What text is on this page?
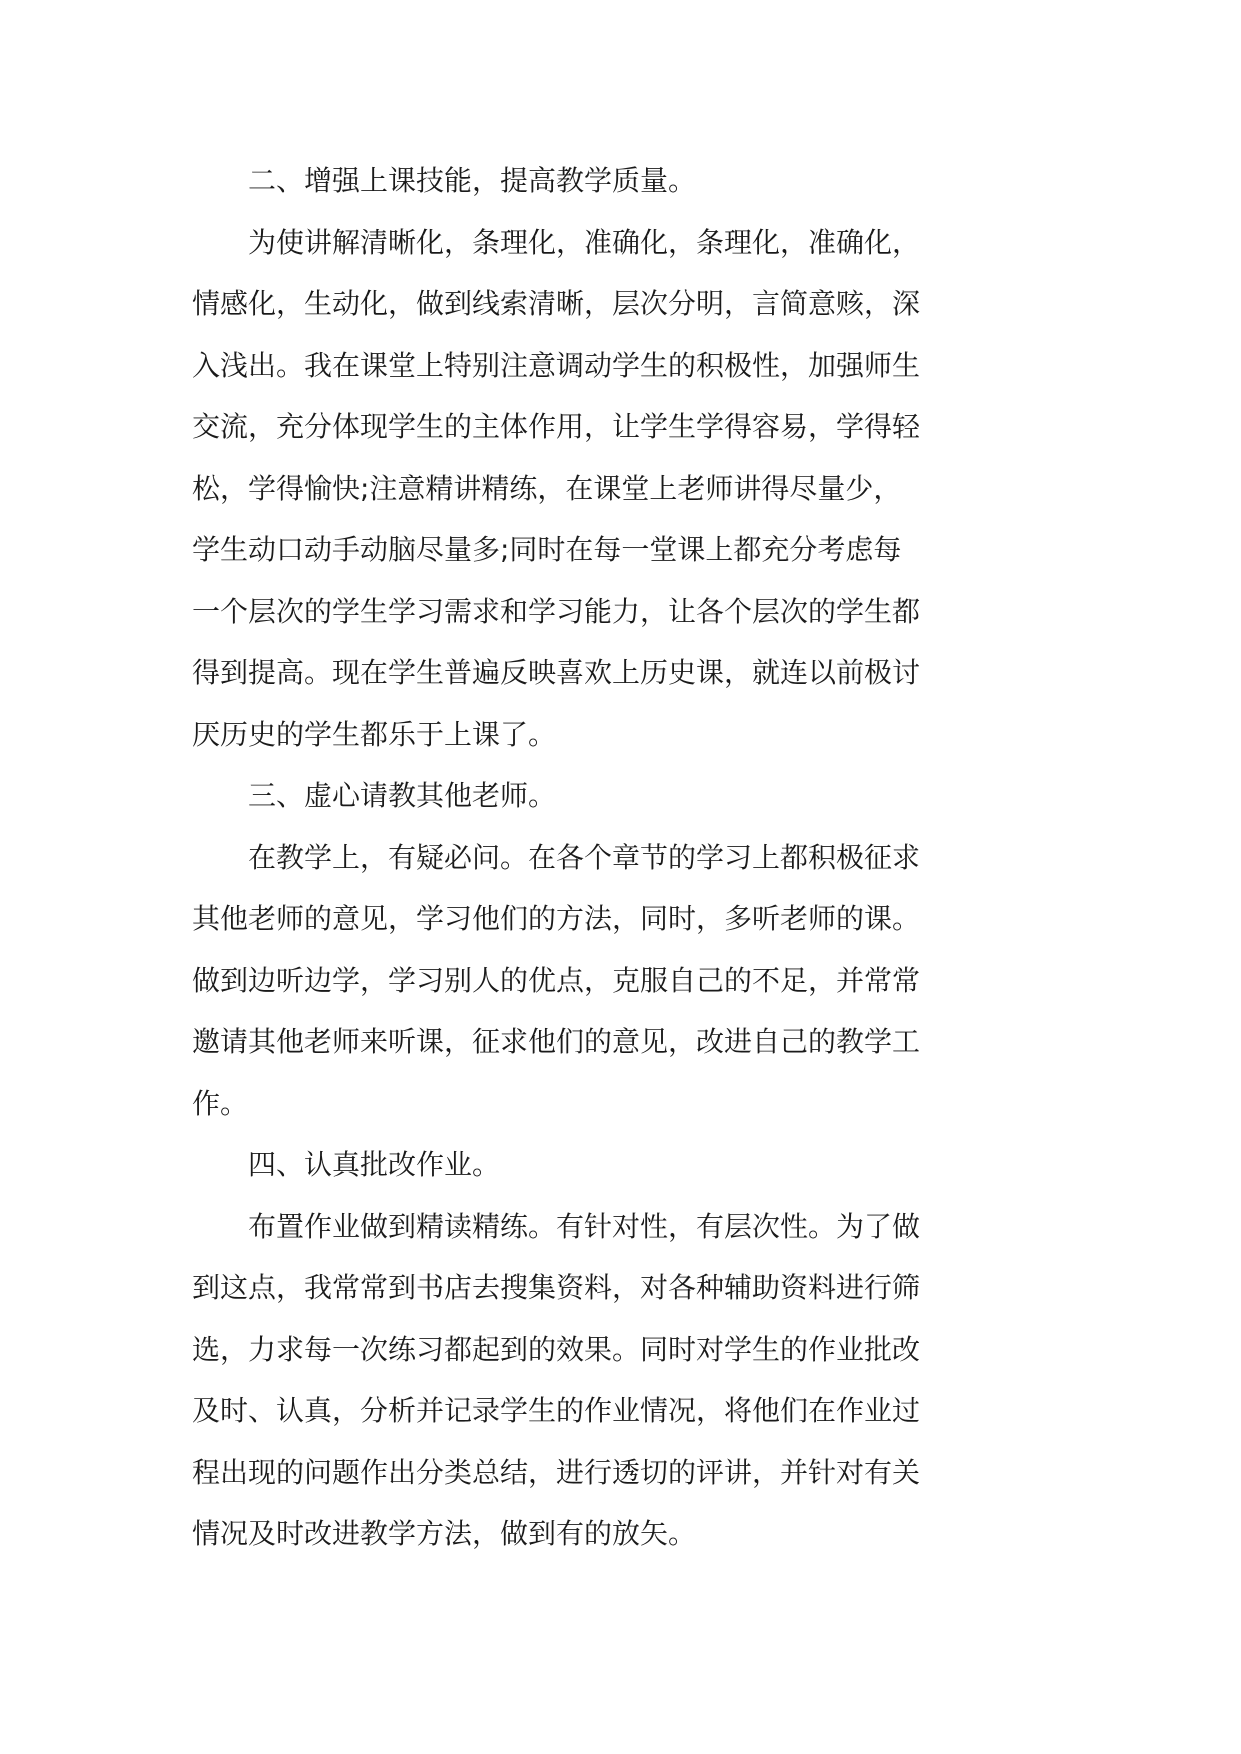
　　二、增强上课技能，提高教学质量。
　　为使讲解清晰化，条理化，准确化，条理化，准确化，
情感化，生动化，做到线索清晰，层次分明，言简意赅，深
入浅出。我在课堂上特别注意调动学生的积极性，加强师生
交流，充分体现学生的主体作用，让学生学得容易，学得轻
松，学得愉快;注意精讲精练，在课堂上老师讲得尽量少，
学生动口动手动脑尽量多;同时在每一堂课上都充分考虑每
一个层次的学生学习需求和学习能力，让各个层次的学生都
得到提高。现在学生普遍反映喜欢上历史课，就连以前极讨
厌历史的学生都乐于上课了。
　　三、虚心请教其他老师。
　　在教学上，有疑必问。在各个章节的学习上都积极征求
其他老师的意见，学习他们的方法，同时，多听老师的课。
做到边听边学，学习别人的优点，克服自己的不足，并常常
邀请其他老师来听课，征求他们的意见，改进自己的教学工
作。
　　四、认真批改作业。
　　布置作业做到精读精练。有针对性，有层次性。为了做
到这点，我常常到书店去搜集资料，对各种辅助资料进行筛
选，力求每一次练习都起到的效果。同时对学生的作业批改
及时、认真，分析并记录学生的作业情况，将他们在作业过
程出现的问题作出分类总结，进行透切的评讲，并针对有关
情况及时改进教学方法，做到有的放矢。
